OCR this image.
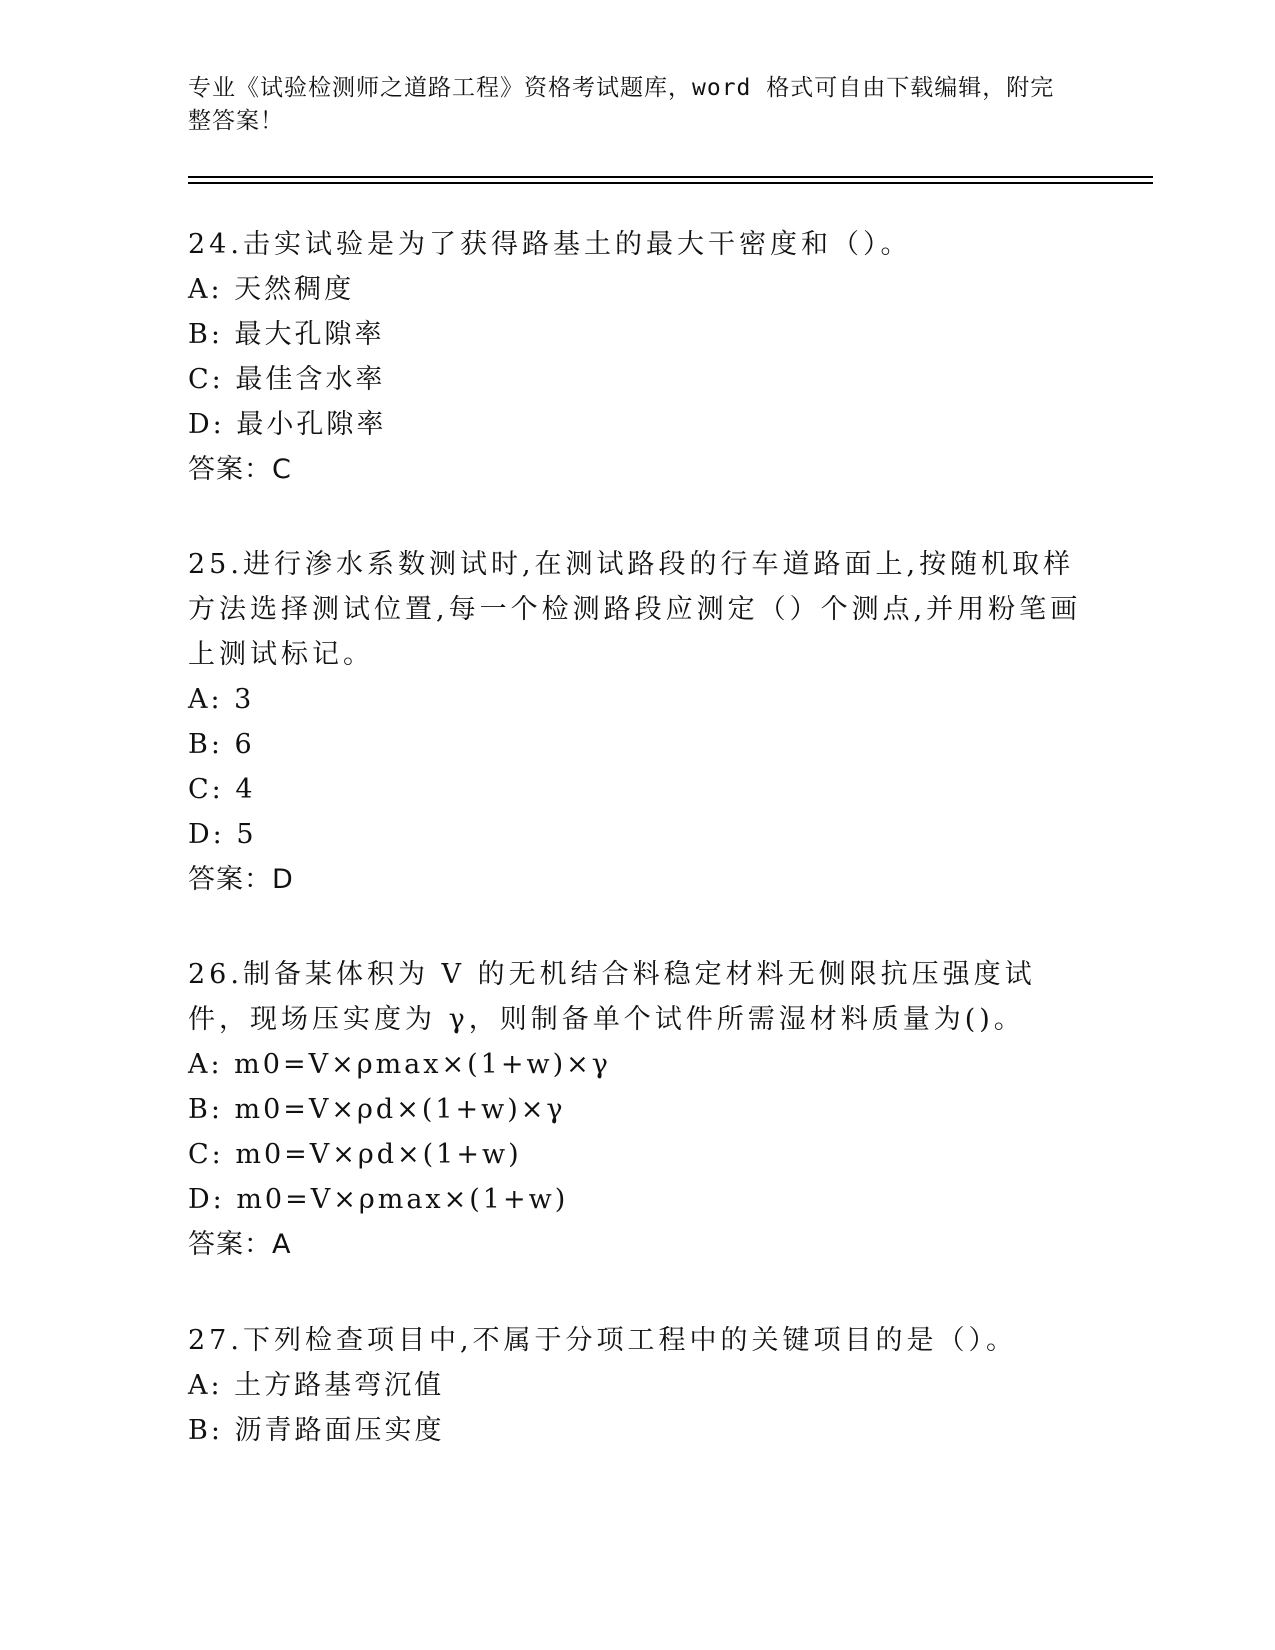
专业《试验检测师之道路工程》资格考试题库，word 格式可自由下载编辑，附完整答案！

24.击实试验是为了获得路基土的最大干密度和（）。

A: 天然稠度

B: 最大孔隙率

C: 最佳含水率

D: 最小孔隙率

答案：C

25.进行渗水系数测试时,在测试路段的行车道路面上,按随机取样方法选择测试位置,每一个检测路段应测定（）个测点,并用粉笔画上测试标记。

A: 3

B: 6

C: 4

D: 5

答案：D

26.制备某体积为 V 的无机结合料稳定材料无侧限抗压强度试件，现场压实度为 γ，则制备单个试件所需湿材料质量为()。

A: m0=V×ρmax×(1+w)×γ

B: m0=V×ρd×(1+w)×γ

C: m0=V×ρd×(1+w)

D: m0=V×ρmax×(1+w)

答案：A

27.下列检查项目中,不属于分项工程中的关键项目的是（）。

A: 土方路基弯沉值

B: 沥青路面压实度
